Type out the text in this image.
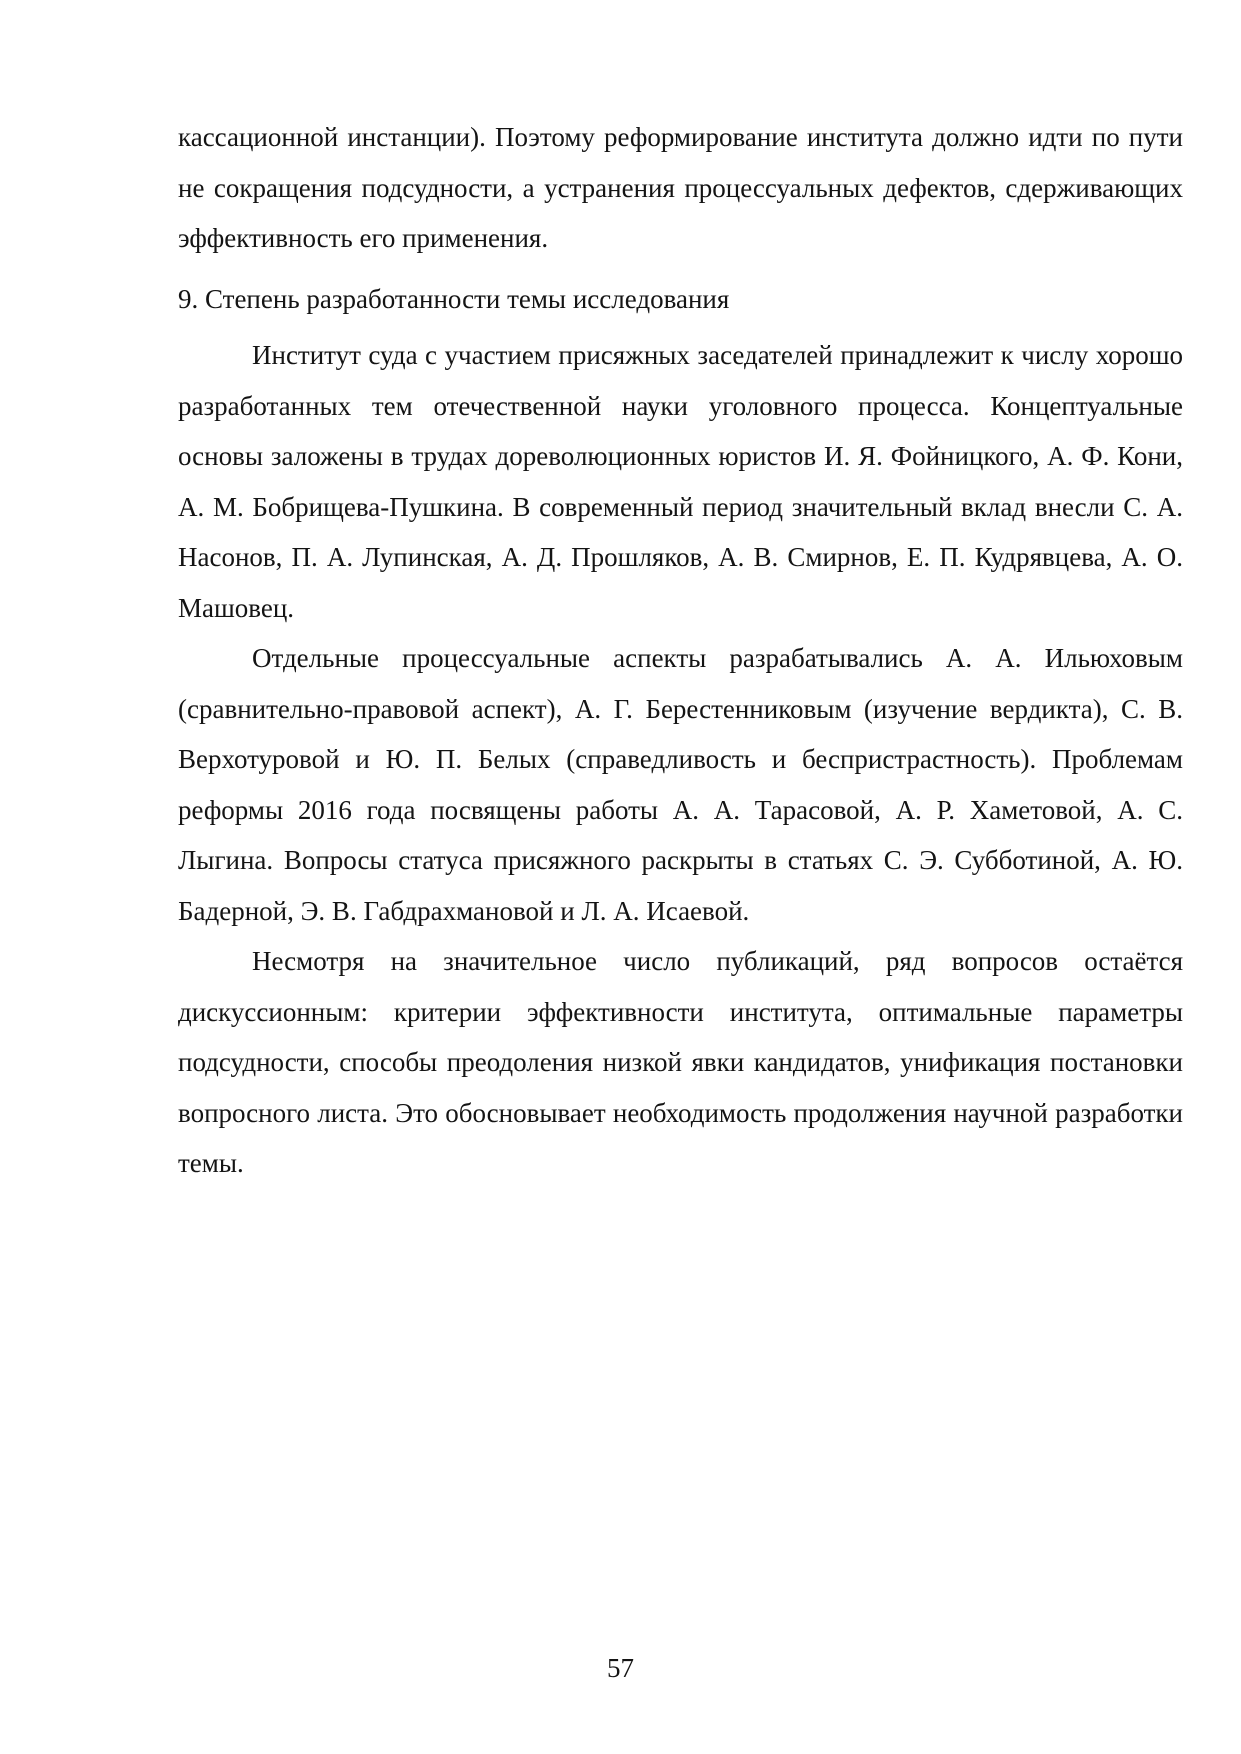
кассационной инстанции). Поэтому реформирование института должно идти по пути не сокращения подсудности, а устранения процессуальных дефектов, сдерживающих эффективность его применения.

9. Степень разработанности темы исследования

Институт суда с участием присяжных заседателей принадлежит к числу хорошо разработанных тем отечественной науки уголовного процесса. Концептуальные основы заложены в трудах дореволюционных юристов И. Я. Фойницкого, А. Ф. Кони, А. М. Бобрищева-Пушкина. В современный период значительный вклад внесли С. А. Насонов, П. А. Лупинская, А. Д. Прошляков, А. В. Смирнов, Е. П. Кудрявцева, А. О. Машовец.

Отдельные процессуальные аспекты разрабатывались А. А. Ильюховым (сравнительно-правовой аспект), А. Г. Берестенниковым (изучение вердикта), С. В. Верхотуровой и Ю. П. Белых (справедливость и беспристрастность). Проблемам реформы 2016 года посвящены работы А. А. Тарасовой, А. Р. Хаметовой, А. С. Лыгина. Вопросы статуса присяжного раскрыты в статьях С. Э. Субботиной, А. Ю. Бадерной, Э. В. Габдрахмановой и Л. А. Исаевой.

Несмотря на значительное число публикаций, ряд вопросов остаётся дискуссионным: критерии эффективности института, оптимальные параметры подсудности, способы преодоления низкой явки кандидатов, унификация постановки вопросного листа. Это обосновывает необходимость продолжения научной разработки темы.

57
